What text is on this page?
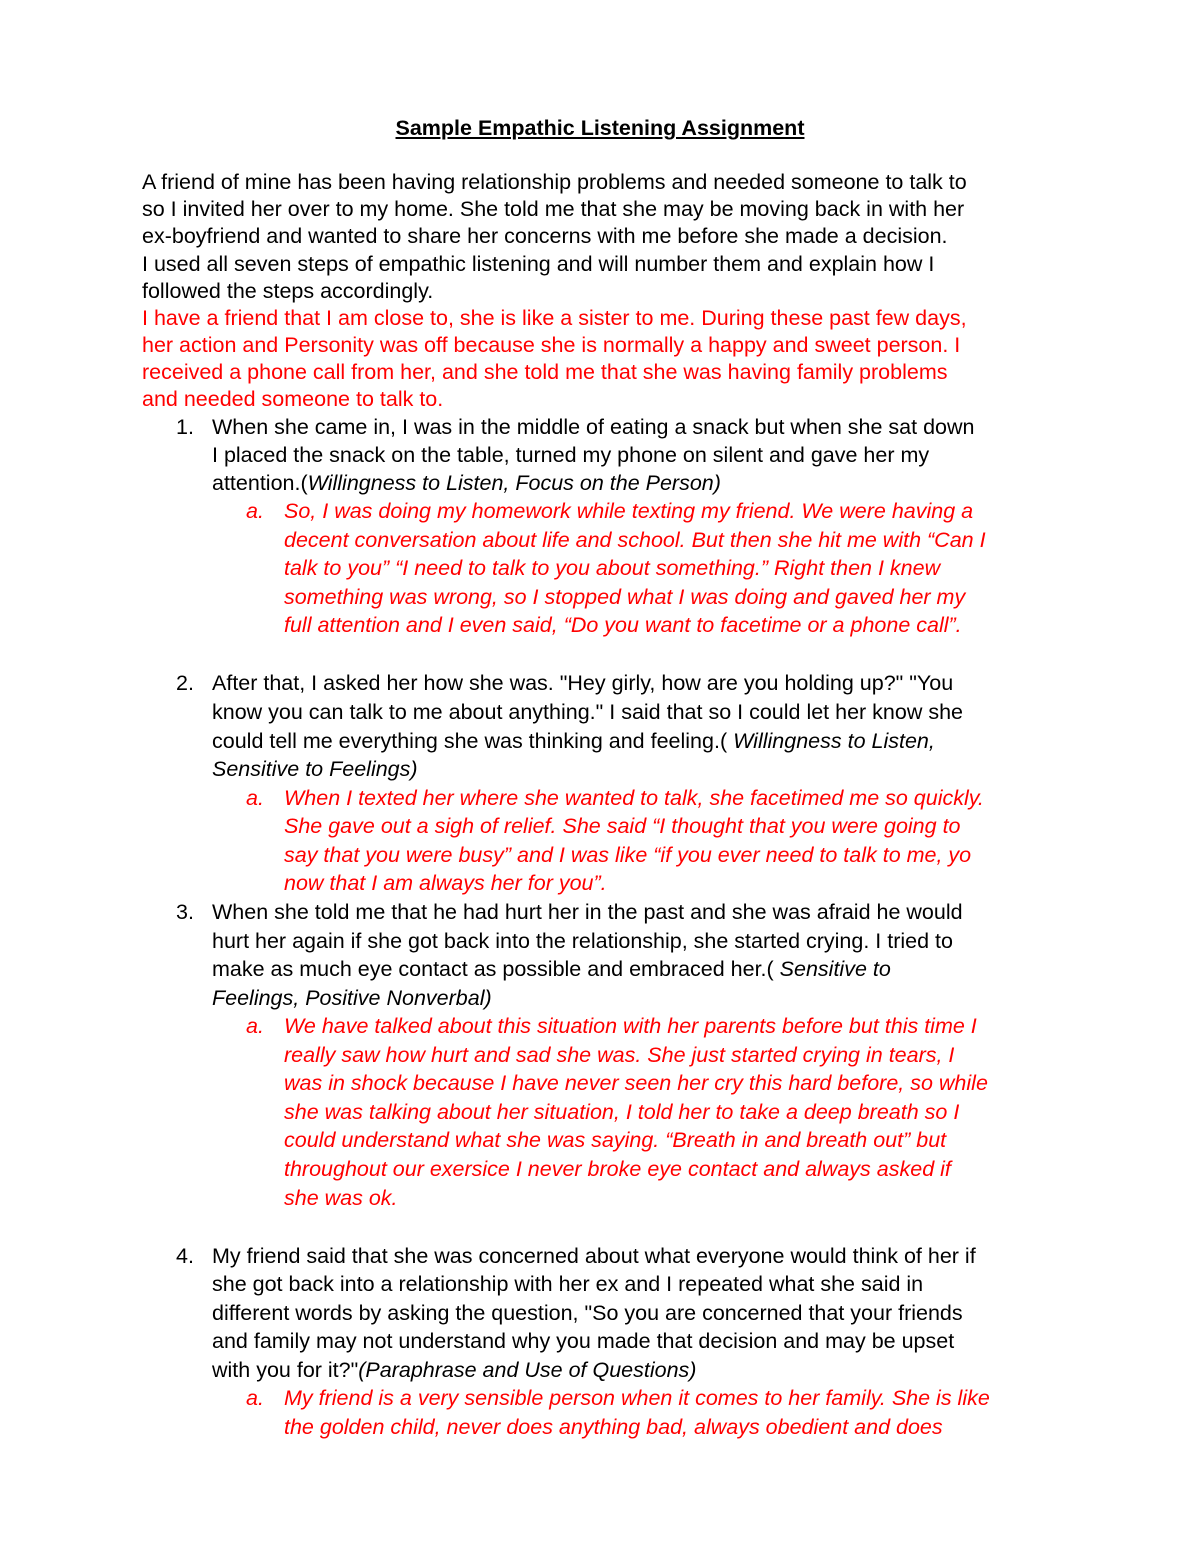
Sample Empathic Listening Assignment
A friend of mine has been having relationship problems and needed someone to talk to
so I invited her over to my home. She told me that she may be moving back in with her
ex-boyfriend and wanted to share her concerns with me before she made a decision.
I used all seven steps of empathic listening and will number them and explain how I
followed the steps accordingly.
I have a friend that I am close to, she is like a sister to me. During these past few days,
her action and Personity was off because she is normally a happy and sweet person. I
received a phone call from her, and she told me that she was having family problems
and needed someone to talk to.
1. When she came in, I was in the middle of eating a snack but when she sat down
I placed the snack on the table, turned my phone on silent and gave her my
attention.(Willingness to Listen, Focus on the Person)
a. So, I was doing my homework while texting my friend. We were having a
decent conversation about life and school. But then she hit me with “Can I
talk to you” “I need to talk to you about something.” Right then I knew
something was wrong, so I stopped what I was doing and gaved her my
full attention and I even said, “Do you want to facetime or a phone call”.
2. After that, I asked her how she was. "Hey girly, how are you holding up?" "You
know you can talk to me about anything." I said that so I could let her know she
could tell me everything she was thinking and feeling.( Willingness to Listen,
Sensitive to Feelings)
a. When I texted her where she wanted to talk, she facetimed me so quickly.
She gave out a sigh of relief. She said “I thought that you were going to
say that you were busy” and I was like “if you ever need to talk to me, yo
now that I am always her for you”.
3. When she told me that he had hurt her in the past and she was afraid he would
hurt her again if she got back into the relationship, she started crying. I tried to
make as much eye contact as possible and embraced her.( Sensitive to
Feelings, Positive Nonverbal)
a. We have talked about this situation with her parents before but this time I
really saw how hurt and sad she was. She just started crying in tears, I
was in shock because I have never seen her cry this hard before, so while
she was talking about her situation, I told her to take a deep breath so I
could understand what she was saying. “Breath in and breath out” but
throughout our exersice I never broke eye contact and always asked if
she was ok.
4. My friend said that she was concerned about what everyone would think of her if
she got back into a relationship with her ex and I repeated what she said in
different words by asking the question, "So you are concerned that your friends
and family may not understand why you made that decision and may be upset
with you for it?"(Paraphrase and Use of Questions)
a. My friend is a very sensible person when it comes to her family. She is like
the golden child, never does anything bad, always obedient and does
